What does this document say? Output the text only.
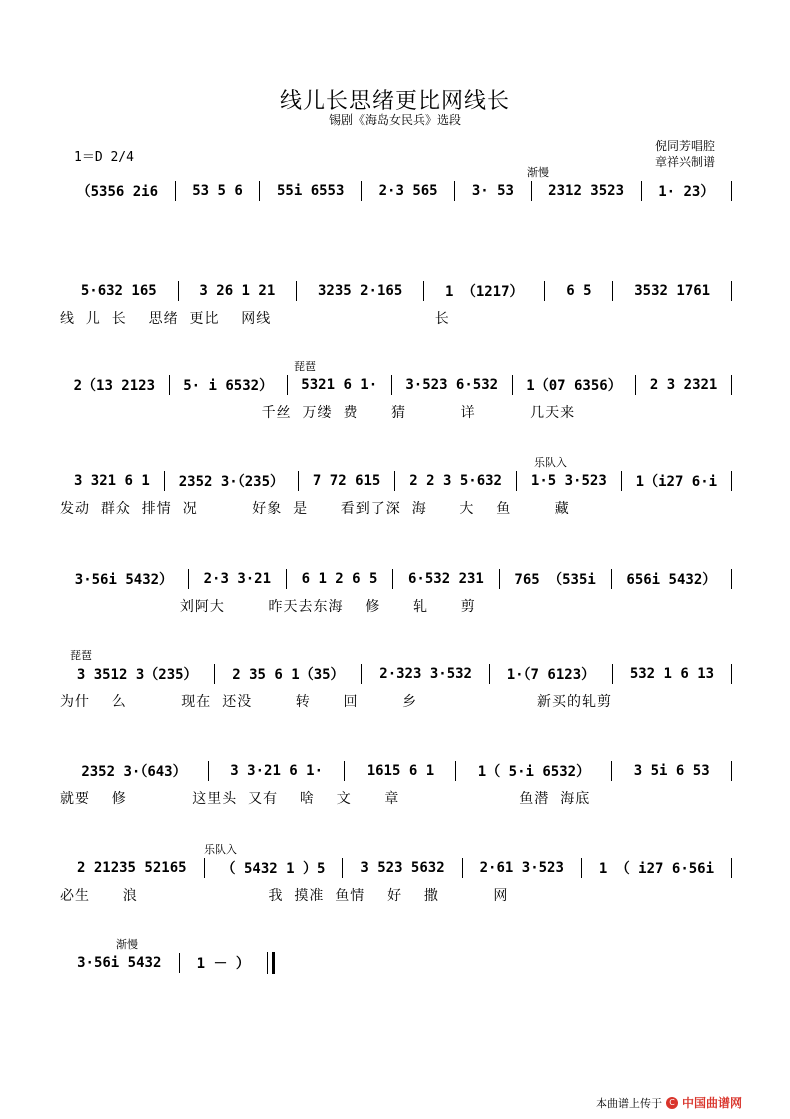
线儿长思绪更比网线长
锡剧《海岛女民兵》选段
1＝D 2/4
倪同芳唱腔
章祥兴制谱
渐慢
（5356 2i6	53 5 6	55i 6553	2·3 565	3· 53	2312 3523	1· 23）
5·632 165	3 26 1 21	3235 2·165	1 （1217）	6 5	3532 1761
线  儿  长    思绪  更比    网线                              长
琵琶
2（13 2123	5· i 6532）	5321 6 1·	3·523 6·532	1（07 6356）	2 3 2321
千丝  万缕  费      猜          详          几天来
乐队入
3 321 6 1	2352 3·（235）	7 72 615	2 2 3 5·632	1·5 3·523	1（i27 6·i
发动  群众  排情  况          好象  是      看到了深  海      大    鱼        藏
3·56i 5432）	2·3 3·21	6 1 2 6 5	6·532 231	765 （535i	656i 5432）
刘阿大        昨天去东海    修      轧      剪
琵琶
3 3512 3（235）	2 35 6 1（35）	2·323 3·532	1·（7 6123）	532 1 6 13
为什    么          现在  还没        转      回        乡                      新买的轧剪
2352 3·（643）	3 3·21 6 1·	1615 6 1	1（ 5·i 6532）	3 5i 6 53
就要    修            这里头  又有    啥    文      章                      鱼潜  海底
乐队入
2 21235 52165	（ 5432 1 ）5	3 523 5632	2·61 3·523	1 （ i27 6·56i
必生      浪                        我  摸准  鱼情    好    撒          网
渐慢
3·56i 5432	1 － ）
本曲谱上传于 C 中国曲谱网
